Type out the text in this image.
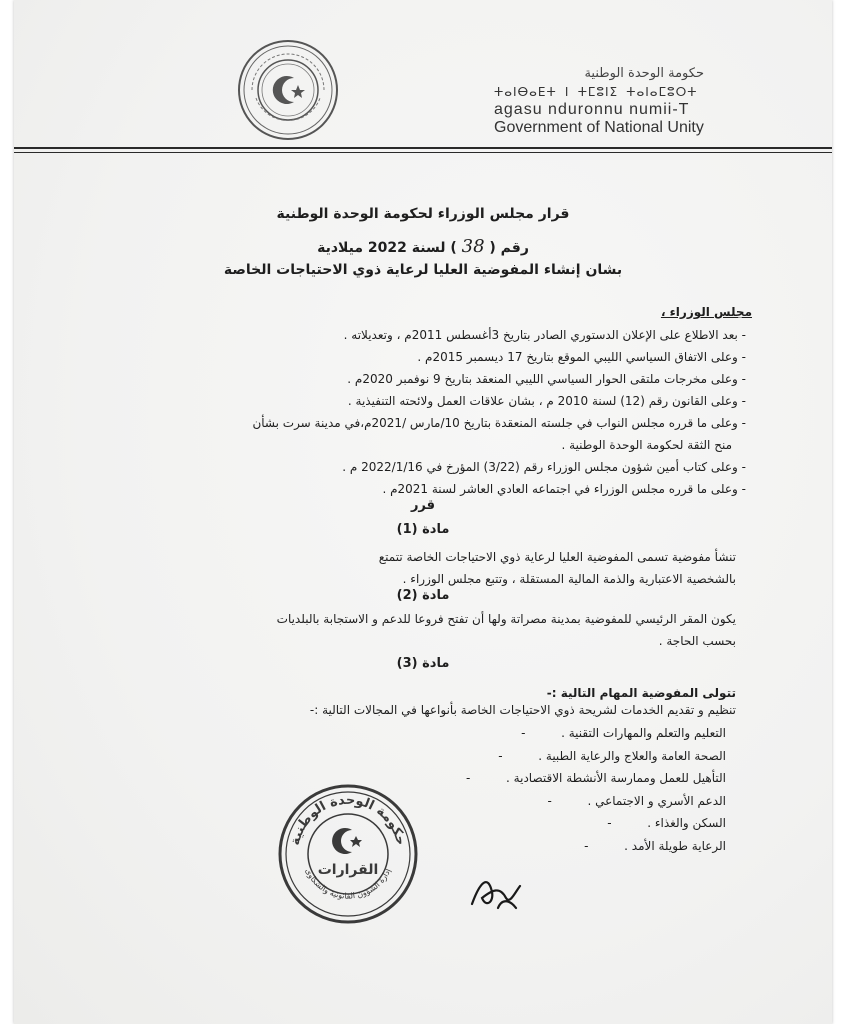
حكومة الوحدة الوطنية
ⵜⴰⵏⴱⴰⴹⵜ ⵏ ⵜⵎⵓⵏⵉ ⵜⴰⵏⴰⵎⵓⵔⵜ
agasu nduronnu numii-T
Government of National Unity
قرار مجلس الوزراء لحكومة الوحدة الوطنية
رقم ( 38 ) لسنة 2022 ميلادية
بشان إنشاء المفوضية العليا لرعاية ذوي الاحتياجات الخاصة
مجلس الوزراء ،
- بعد الاطلاع على الإعلان الدستوري الصادر بتاريخ 3أغسطس 2011م ، وتعديلاته .
- وعلى الاتفاق السياسي الليبي الموقع بتاريخ 17 ديسمبر 2015م .
- وعلى مخرجات ملتقى الحوار السياسي الليبي المنعقد بتاريخ 9 نوفمبر 2020م .
- وعلى القانون رقم (12) لسنة 2010 م ، بشان علاقات العمل ولائحته التنفيذية .
- وعلى ما قرره مجلس النواب في جلسته المنعقدة بتاريخ 10/مارس /2021م،في مدينة سرت بشأن
منح الثقة لحكومة الوحدة الوطنية .
- وعلى كتاب أمين شؤون مجلس الوزراء رقم (3/22) المؤرخ في 2022/1/16 م .
- وعلى ما قرره مجلس الوزراء في اجتماعه العادي العاشر لسنة 2021م .
قرر
مادة (1)
تنشأ مفوضية تسمى المفوضية العليا لرعاية ذوي الاحتياجات الخاصة تتمتع
بالشخصية الاعتبارية والذمة المالية المستقلة ، وتتبع مجلس الوزراء .
مادة (2)
يكون المقر الرئيسي للمفوضية بمدينة مصراتة ولها أن تفتح فروعا للدعم و الاستجابة بالبلديات
بحسب الحاجة .
مادة (3)
تتولى المفوضية المهام التالية :-
تنظيم و تقديم الخدمات لشريحة ذوي الاحتياجات الخاصة بأنواعها في المجالات التالية :-
التعليم والتعلم والمهارات التقنية .-
الصحة العامة والعلاج والرعاية الطبية .-
التأهيل للعمل وممارسة الأنشطة الاقتصادية .-
الدعم الأسري و الاجتماعي .-
السكن والغذاء .-
الرعاية طويلة الأمد .-
حكومة الوحدة الوطنية
إدارة الشؤون القانونية والشكاوى
القرارات
